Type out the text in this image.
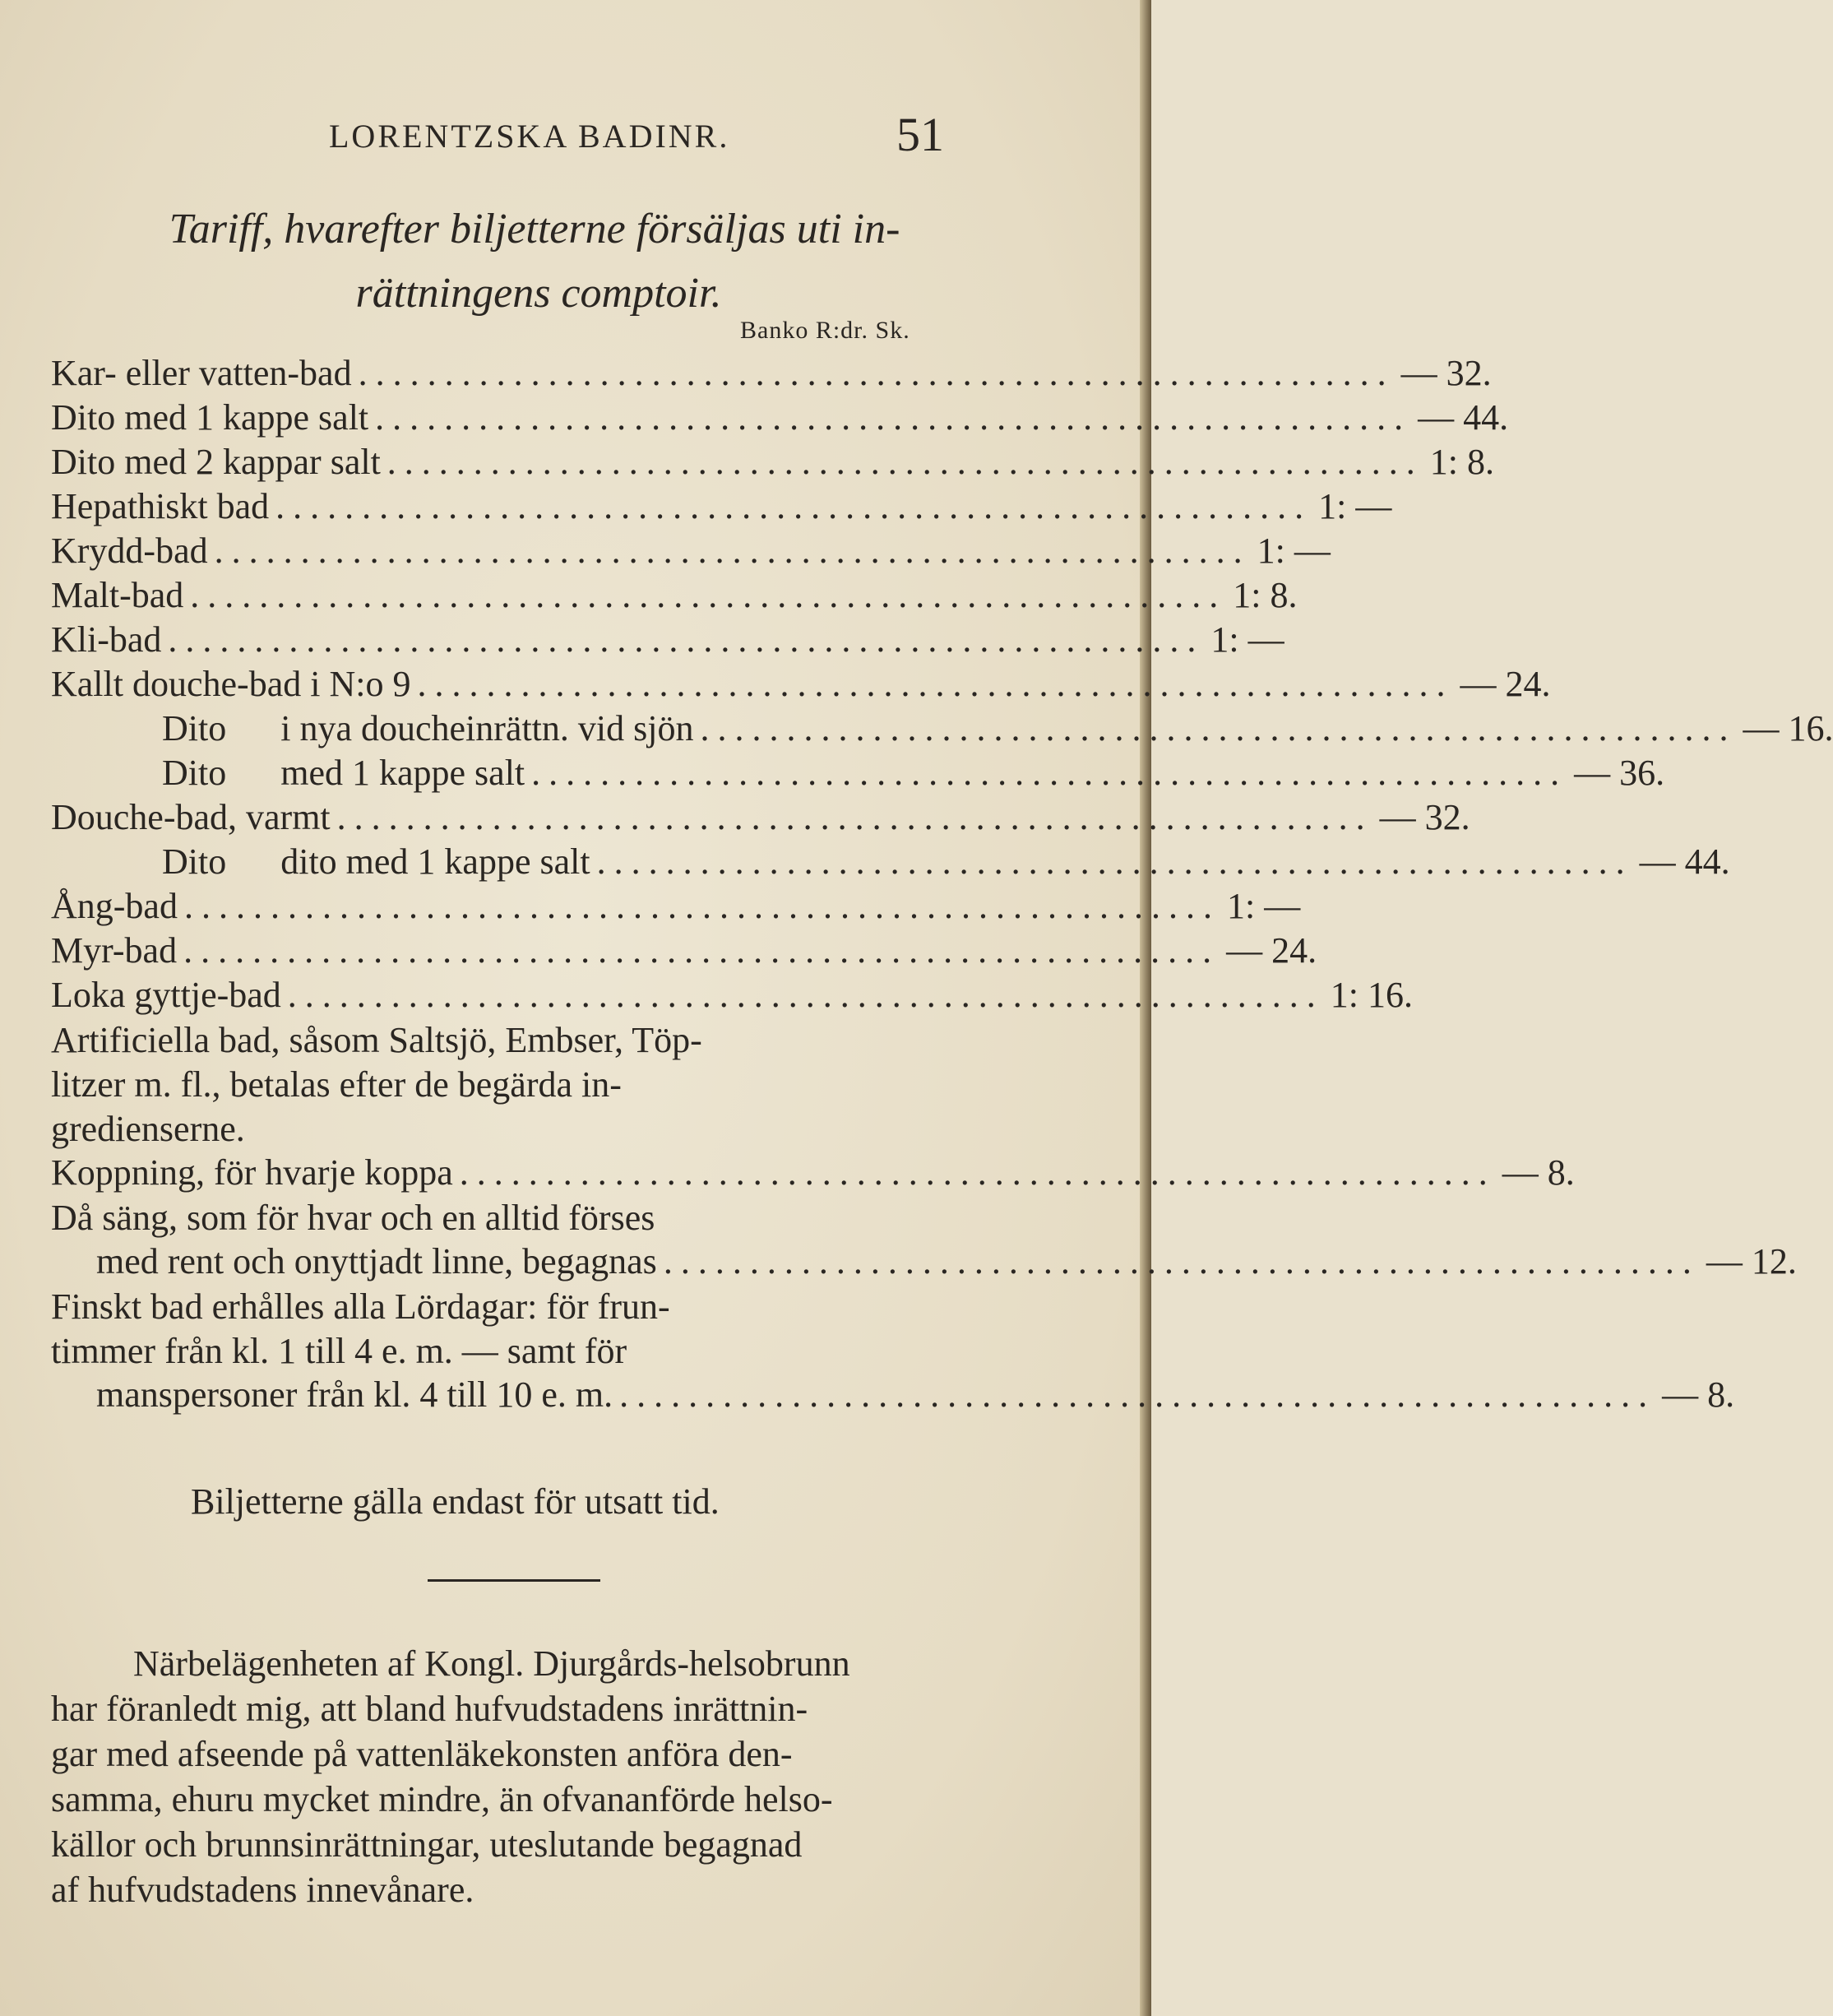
LORENTZSKA BADINR.	51
Tariff, hvarefter biljetterne försäljas uti in-
rättningens comptoir.
Banko R:dr. Sk.
Kar- eller vatten-bad ............................................................ — 32.
Dito med 1 kappe salt ............................................................ — 44.
Dito med 2 kappar salt ............................................................ 1: 8.
Hepathiskt bad ............................................................ 1: —
Krydd-bad ............................................................ 1: —
Malt-bad ............................................................ 1: 8.
Kli-bad ............................................................ 1: —
Kallt douche-bad i N:o 9 ............................................................ — 24.
Dito      i nya doucheinrättn. vid sjön ............................................................ — 16.
Dito      med 1 kappe salt ............................................................ — 36.
Douche-bad, varmt ............................................................ — 32.
Dito      dito med 1 kappe salt ............................................................ — 44.
Ång-bad ............................................................ 1: —
Myr-bad ............................................................ — 24.
Loka gyttje-bad ............................................................ 1: 16.
Artificiella bad, såsom Saltsjö, Embser, Töp-
litzer m. fl., betalas efter de begärda in-
gredienserne.
Koppning, för hvarje koppa ............................................................ — 8.
Då säng, som för hvar och en alltid förses
med rent och onyttjadt linne, begagnas ............................................................ — 12.
Finskt bad erhålles alla Lördagar: för frun-
timmer från kl. 1 till 4 e. m. — samt för
manspersoner från kl. 4 till 10 e. m. ............................................................ — 8.
Biljetterne gälla endast för utsatt tid.
Närbelägenheten af Kongl. Djurgårds-helsobrunn
har föranledt mig, att bland hufvudstadens inrättnin-
gar med afseende på vattenläkekonsten anföra den-
samma, ehuru mycket mindre, än ofvananförde helso-
källor och brunnsinrättningar, uteslutande begagnad
af hufvudstadens innevånare.
